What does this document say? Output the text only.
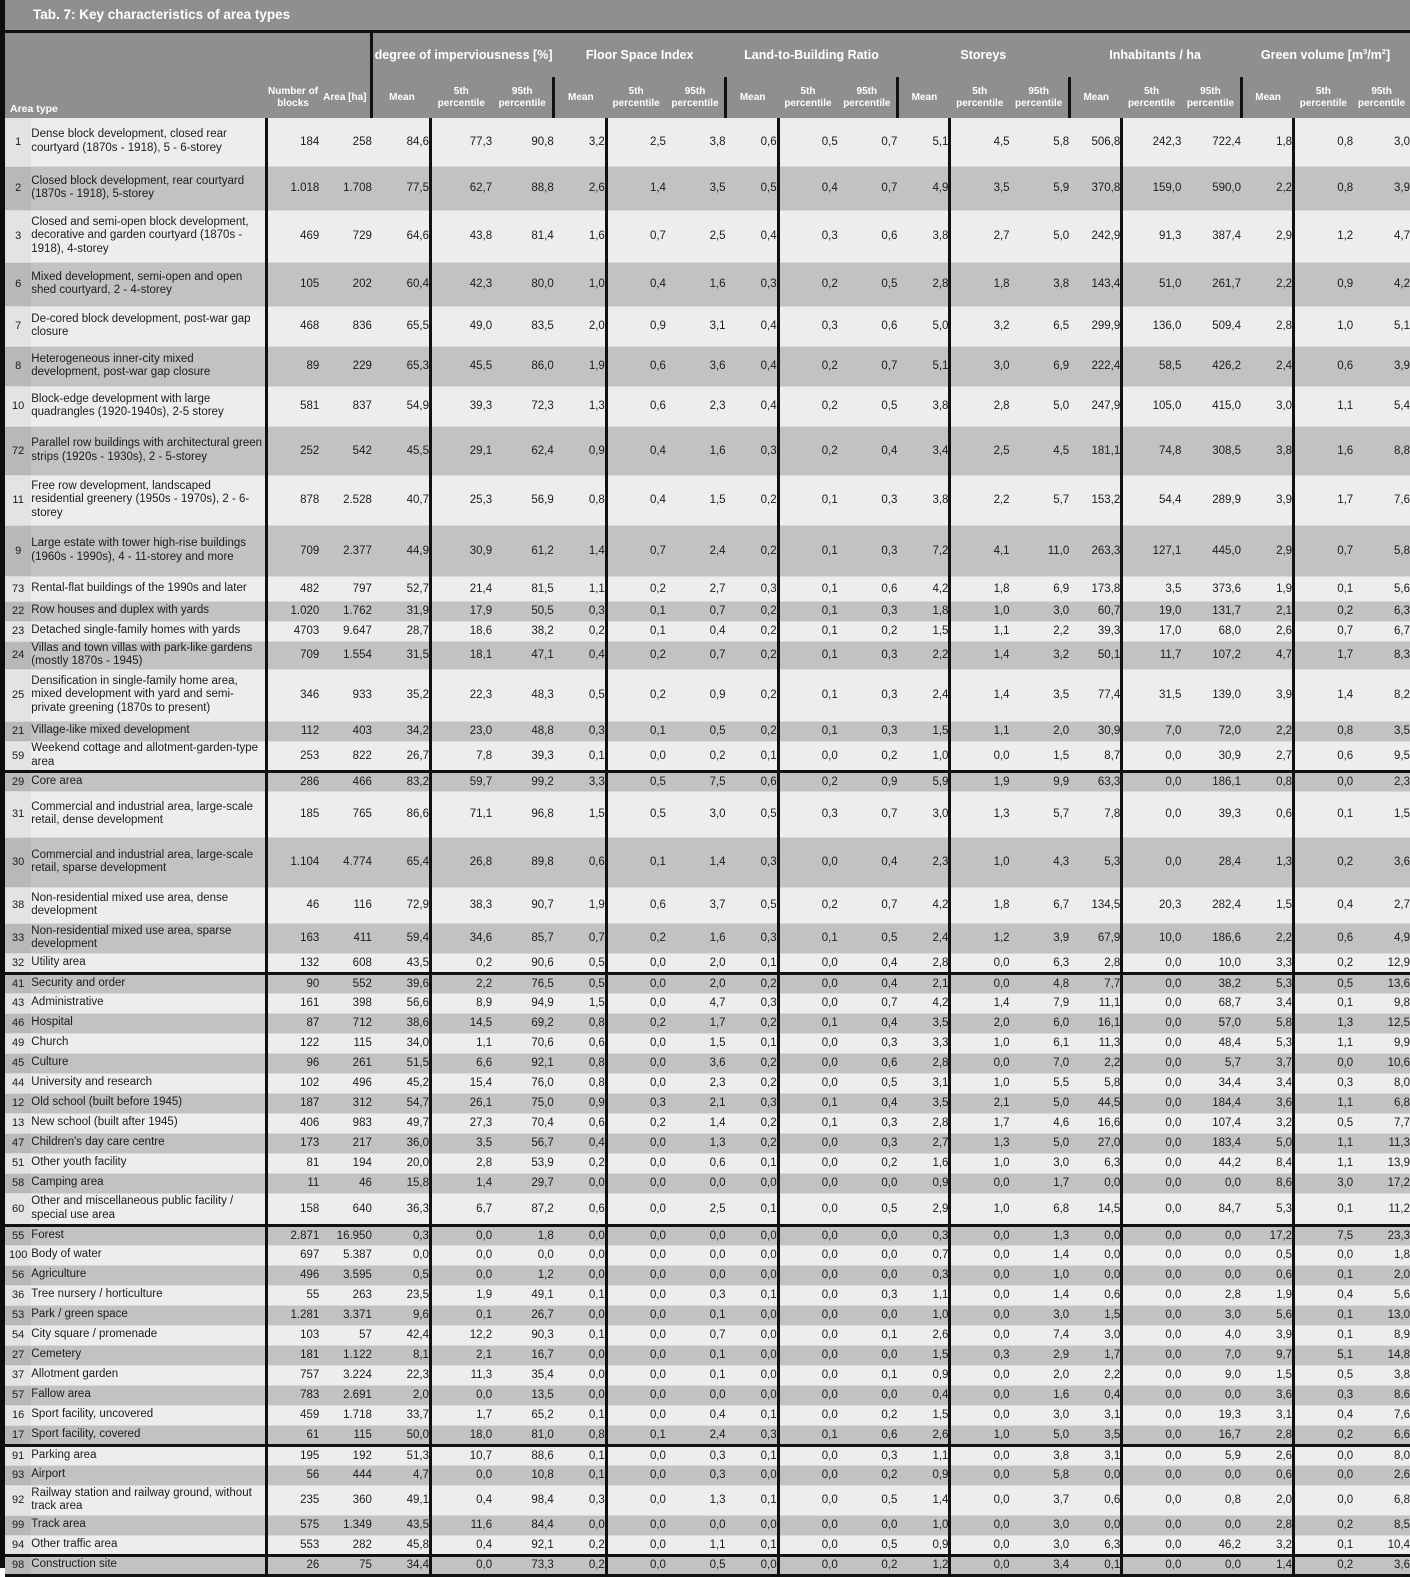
Tab. 7: Key characteristics of area types
				degree of imperviousness [%]			Floor Space Index			Land-to-Building Ratio			Storeys			Inhabitants / ha			Green volume $[m^3/m^2]$		
Area type		Number of blocks	Area [ha]	Mean	5th percentile	95th percentile	Mean	5th percentile	95th percentile	Mean	5th percentile	95th percentile	Mean	5th percentile	95th percentile	Mean	5th percentile	95th percentile	Mean	5th percentile	95th percentile
1	Dense block development, closed rear courtyard (1870s - 1918), 5 - 6-storey	184	258	84,6	77,3	90,8	3,2	2,5	3,8	0,6	0,5	0,7	5,1	4,5	5,8	506,8	242,3	722,4	1,8	0,8	3,0
2	Closed block development, rear courtyard (1870s - 1918), 5-storey	1.018	1.708	77,5	62,7	88,8	2,6	1,4	3,5	0,5	0,4	0,7	4,9	3,5	5,9	370,8	159,0	590,0	2,2	0,8	3,9
3	Closed and semi-open block development, decorative and garden courtyard (1870s - 1918), 4-storey	469	729	64,6	43,8	81,4	1,6	0,7	2,5	0,4	0,3	0,6	3,8	2,7	5,0	242,9	91,3	387,4	2,9	1,2	4,7
6	Mixed development, semi-open and open shed courtyard, 2 - 4-storey	105	202	60,4	42,3	80,0	1,0	0,4	1,6	0,3	0,2	0,5	2,8	1,8	3,8	143,4	51,0	261,7	2,2	0,9	4,2
7	De-cored block development, post-war gap closure	468	836	65,5	49,0	83,5	2,0	0,9	3,1	0,4	0,3	0,6	5,0	3,2	6,5	299,9	136,0	509,4	2,8	1,0	5,1
8	Heterogeneous inner-city mixed development, post-war gap closure	89	229	65,3	45,5	86,0	1,9	0,6	3,6	0,4	0,2	0,7	5,1	3,0	6,9	222,4	58,5	426,2	2,4	0,6	3,9
10	Block-edge development with large quadrangles (1920-1940s), 2-5 storey	581	837	54,9	39,3	72,3	1,3	0,6	2,3	0,4	0,2	0,5	3,8	2,8	5,0	247,9	105,0	415,0	3,0	1,1	5,4
72	Parallel row buildings with architectural green strips (1920s - 1930s), 2 - 5-storey	252	542	45,5	29,1	62,4	0,9	0,4	1,6	0,3	0,2	0,4	3,4	2,5	4,5	181,1	74,8	308,5	3,8	1,6	8,8
11	Free row development, landscaped residential greenery (1950s - 1970s), 2 - 6-storey	878	2.528	40,7	25,3	56,9	0,8	0,4	1,5	0,2	0,1	0,3	3,8	2,2	5,7	153,2	54,4	289,9	3,9	1,7	7,6
9	Large estate with tower high-rise buildings (1960s - 1990s), 4 - 11-storey and more	709	2.377	44,9	30,9	61,2	1,4	0,7	2,4	0,2	0,1	0,3	7,2	4,1	11,0	263,3	127,1	445,0	2,9	0,7	5,8
73	Rental-flat buildings of the 1990s and later	482	797	52,7	21,4	81,5	1,1	0,2	2,7	0,3	0,1	0,6	4,2	1,8	6,9	173,8	3,5	373,6	1,9	0,1	5,6
22	Row houses and duplex with yards	1.020	1.762	31,9	17,9	50,5	0,3	0,1	0,7	0,2	0,1	0,3	1,8	1,0	3,0	60,7	19,0	131,7	2,1	0,2	6,3
23	Detached single-family homes with yards	4703	9.647	28,7	18,6	38,2	0,2	0,1	0,4	0,2	0,1	0,2	1,5	1,1	2,2	39,3	17,0	68,0	2,6	0,7	6,7
24	Villas and town villas with park-like gardens (mostly 1870s - 1945)	709	1.554	31,5	18,1	47,1	0,4	0,2	0,7	0,2	0,1	0,3	2,2	1,4	3,2	50,1	11,7	107,2	4,7	1,7	8,3
25	Densification in single-family home area, mixed development with yard and semi-private greening (1870s to present)	346	933	35,2	22,3	48,3	0,5	0,2	0,9	0,2	0,1	0,3	2,4	1,4	3,5	77,4	31,5	139,0	3,9	1,4	8,2
21	Village-like mixed development	112	403	34,2	23,0	48,8	0,3	0,1	0,5	0,2	0,1	0,3	1,5	1,1	2,0	30,9	7,0	72,0	2,2	0,8	3,5
59	Weekend cottage and allotment-garden-type area	253	822	26,7	7,8	39,3	0,1	0,0	0,2	0,1	0,0	0,2	1,0	0,0	1,5	8,7	0,0	30,9	2,7	0,6	9,5
29	Core area	286	466	83,2	59,7	99,2	3,3	0,5	7,5	0,6	0,2	0,9	5,9	1,9	9,9	63,3	0,0	186,1	0,8	0,0	2,3
31	Commercial and industrial area, large-scale retail, dense development	185	765	86,6	71,1	96,8	1,5	0,5	3,0	0,5	0,3	0,7	3,0	1,3	5,7	7,8	0,0	39,3	0,6	0,1	1,5
30	Commercial and industrial area, large-scale retail, sparse development	1.104	4.774	65,4	26,8	89,8	0,6	0,1	1,4	0,3	0,0	0,4	2,3	1,0	4,3	5,3	0,0	28,4	1,3	0,2	3,6
38	Non-residential mixed use area, dense development	46	116	72,9	38,3	90,7	1,9	0,6	3,7	0,5	0,2	0,7	4,2	1,8	6,7	134,5	20,3	282,4	1,5	0,4	2,7
33	Non-residential mixed use area, sparse development	163	411	59,4	34,6	85,7	0,7	0,2	1,6	0,3	0,1	0,5	2,4	1,2	3,9	67,9	10,0	186,6	2,2	0,6	4,9
32	Utility area	132	608	43,5	0,2	90,6	0,5	0,0	2,0	0,1	0,0	0,4	2,8	0,0	6,3	2,8	0,0	10,0	3,3	0,2	12,9
41	Security and order	90	552	39,6	2,2	76,5	0,5	0,0	2,0	0,2	0,0	0,4	2,1	0,0	4,8	7,7	0,0	38,2	5,3	0,5	13,6
43	Administrative	161	398	56,6	8,9	94,9	1,5	0,0	4,7	0,3	0,0	0,7	4,2	1,4	7,9	11,1	0,0	68,7	3,4	0,1	9,8
46	Hospital	87	712	38,6	14,5	69,2	0,8	0,2	1,7	0,2	0,1	0,4	3,5	2,0	6,0	16,1	0,0	57,0	5,8	1,3	12,5
49	Church	122	115	34,0	1,1	70,6	0,6	0,0	1,5	0,1	0,0	0,3	3,3	1,0	6,1	11,3	0,0	48,4	5,3	1,1	9,9
45	Culture	96	261	51,5	6,6	92,1	0,8	0,0	3,6	0,2	0,0	0,6	2,8	0,0	7,0	2,2	0,0	5,7	3,7	0,0	10,6
44	University and research	102	496	45,2	15,4	76,0	0,8	0,0	2,3	0,2	0,0	0,5	3,1	1,0	5,5	5,8	0,0	34,4	3,4	0,3	8,0
12	Old school (built before 1945)	187	312	54,7	26,1	75,0	0,9	0,3	2,1	0,3	0,1	0,4	3,5	2,1	5,0	44,5	0,0	184,4	3,6	1,1	6,8
13	New school (built after 1945)	406	983	49,7	27,3	70,4	0,6	0,2	1,4	0,2	0,1	0,3	2,8	1,7	4,6	16,6	0,0	107,4	3,2	0,5	7,7
47	Children's day care centre	173	217	36,0	3,5	56,7	0,4	0,0	1,3	0,2	0,0	0,3	2,7	1,3	5,0	27,0	0,0	183,4	5,0	1,1	11,3
51	Other youth facility	81	194	20,0	2,8	53,9	0,2	0,0	0,6	0,1	0,0	0,2	1,6	1,0	3,0	6,3	0,0	44,2	8,4	1,1	13,9
58	Camping area	11	46	15,8	1,4	29,7	0,0	0,0	0,0	0,0	0,0	0,0	0,9	0,0	1,7	0,0	0,0	0,0	8,6	3,0	17,2
60	Other and miscellaneous public facility / special use area	158	640	36,3	6,7	87,2	0,6	0,0	2,5	0,1	0,0	0,5	2,9	1,0	6,8	14,5	0,0	84,7	5,3	0,1	11,2
55	Forest	2.871	16.950	0,3	0,0	1,8	0,0	0,0	0,0	0,0	0,0	0,0	0,3	0,0	1,3	0,0	0,0	0,0	17,2	7,5	23,3
100	Body of water	697	5.387	0,0	0,0	0,0	0,0	0,0	0,0	0,0	0,0	0,0	0,7	0,0	1,4	0,0	0,0	0,0	0,5	0,0	1,8
56	Agriculture	496	3.595	0,5	0,0	1,2	0,0	0,0	0,0	0,0	0,0	0,0	0,3	0,0	1,0	0,0	0,0	0,0	0,6	0,1	2,0
36	Tree nursery / horticulture	55	263	23,5	1,9	49,1	0,1	0,0	0,3	0,1	0,0	0,3	1,1	0,0	1,4	0,6	0,0	2,8	1,9	0,4	5,6
53	Park / green space	1.281	3.371	9,6	0,1	26,7	0,0	0,0	0,1	0,0	0,0	0,0	1,0	0,0	3,0	1,5	0,0	3,0	5,6	0,1	13,0
54	City square / promenade	103	57	42,4	12,2	90,3	0,1	0,0	0,7	0,0	0,0	0,1	2,6	0,0	7,4	3,0	0,0	4,0	3,9	0,1	8,9
27	Cemetery	181	1.122	8,1	2,1	16,7	0,0	0,0	0,1	0,0	0,0	0,0	1,5	0,3	2,9	1,7	0,0	7,0	9,7	5,1	14,8
37	Allotment garden	757	3.224	22,3	11,3	35,4	0,0	0,0	0,1	0,0	0,0	0,1	0,9	0,0	2,0	2,2	0,0	9,0	1,5	0,5	3,8
57	Fallow area	783	2.691	2,0	0,0	13,5	0,0	0,0	0,0	0,0	0,0	0,0	0,4	0,0	1,6	0,4	0,0	0,0	3,6	0,3	8,6
16	Sport facility, uncovered	459	1.718	33,7	1,7	65,2	0,1	0,0	0,4	0,1	0,0	0,2	1,5	0,0	3,0	3,1	0,0	19,3	3,1	0,4	7,6
17	Sport facility, covered	61	115	50,0	18,0	81,0	0,8	0,1	2,4	0,3	0,1	0,6	2,6	1,0	5,0	3,5	0,0	16,7	2,8	0,2	6,6
91	Parking area	195	192	51,3	10,7	88,6	0,1	0,0	0,3	0,1	0,0	0,3	1,1	0,0	3,8	3,1	0,0	5,9	2,6	0,0	8,0
93	Airport	56	444	4,7	0,0	10,8	0,1	0,0	0,3	0,0	0,0	0,2	0,9	0,0	5,8	0,0	0,0	0,0	0,6	0,0	2,6
92	Railway station and railway ground, without track area	235	360	49,1	0,4	98,4	0,3	0,0	1,3	0,1	0,0	0,5	1,4	0,0	3,7	0,6	0,0	0,8	2,0	0,0	6,8
99	Track area	575	1.349	43,5	11,6	84,4	0,0	0,0	0,0	0,0	0,0	0,0	1,0	0,0	3,0	0,0	0,0	0,0	2,8	0,2	8,5
94	Other traffic area	553	282	45,8	0,4	92,1	0,2	0,0	1,1	0,1	0,0	0,5	0,9	0,0	3,0	6,3	0,0	46,2	3,2	0,1	10,4
98	Construction site	26	75	34,4	0,0	73,3	0,2	0,0	0,5	0,0	0,0	0,2	1,2	0,0	3,4	0,1	0,0	0,0	1,4	0,2	3,6
